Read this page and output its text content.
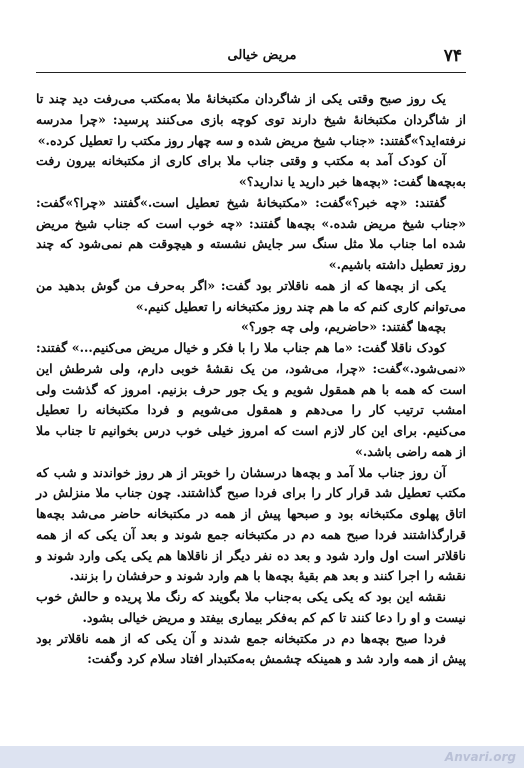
۷۴
مریض خیالی

یک روز صبح وقتی یکی از شاگردان مکتبخانهٔ ملا به‌مکتب می‌رفت دید چند تا از شاگردان مکتبخانهٔ شیخ دارند توی کوچه بازی می‌کنند پرسید: «چرا مدرسه نرفته‌اید؟»گفتند: «جناب شیخ مریض شده و سه چهار روز مکتب را تعطیل کرده.»

آن کودک آمد به مکتب و وقتی جناب ملا برای کاری از مکتبخانه بیرون رفت به‌بچه‌ها گفت: «بچه‌ها خبر دارید یا ندارید؟»

گفتند: «چه خبر؟»گفت: «مکتبخانهٔ شیخ تعطیل است.»گفتند «چرا؟»گفت: «جناب شیخ مریض شده.» بچه‌ها گفتند: «چه خوب است که جناب شیخ مریض شده اما جناب ملا مثل سنگ سر جایش نشسته و هیچوقت هم نمی‌شود که چند روز تعطیل داشته باشیم.»

یکی از بچه‌ها که از همه ناقلاتر بود گفت: «اگر به‌حرف من گوش بدهید من می‌توانم کاری کنم که ما هم چند روز مکتبخانه را تعطیل کنیم.»

بچه‌ها گفتند: «حاضریم، ولی چه جور؟»

کودک ناقلا گفت: «ما هم جناب ملا را با فکر و خیال مریض می‌کنیم...» گفتند: «نمی‌شود.»گفت: «چرا، می‌شود، من یک نقشهٔ خوبی دارم، ولی شرطش این است که همه با هم همقول شویم و یک جور حرف بزنیم. امروز که گذشت ولی امشب ترتیب کار را می‌دهم و همقول می‌شویم و فردا مکتبخانه را تعطیل می‌کنیم. برای این کار لازم است که امروز خیلی خوب درس بخوانیم تا جناب ملا از همه راضی باشد.»

آن روز جناب ملا آمد و بچه‌ها درسشان را خوبتر از هر روز خواندند و شب که مکتب تعطیل شد قرار کار را برای فردا صبح گذاشتند. چون جناب ملا منزلش در اتاق پهلوی مکتبخانه بود و صبحها پیش از همه در مکتبخانه حاضر می‌شد بچه‌ها قرارگذاشتند فردا صبح همه دم در مکتبخانه جمع شوند و بعد آن یکی که از همه ناقلاتر است اول وارد شود و بعد ده نفر دیگر از ناقلاها هم یکی یکی وارد شوند و نقشه را اجرا کنند و بعد هم بقیهٔ بچه‌ها با هم وارد شوند و حرفشان را بزنند.

نقشه این بود که یکی یکی به‌جناب ملا بگویند که رنگ ملا پریده و حالش خوب نیست و او را دعا کنند تا کم کم به‌فکر بیماری بیفتد و مریض خیالی بشود.

فردا صبح بچه‌ها دم در مکتبخانه جمع شدند و آن یکی که از همه ناقلاتر بود پیش از همه وارد شد و همینکه چشمش به‌مکتبدار افتاد سلام کرد وگفت:

Anvari.org
